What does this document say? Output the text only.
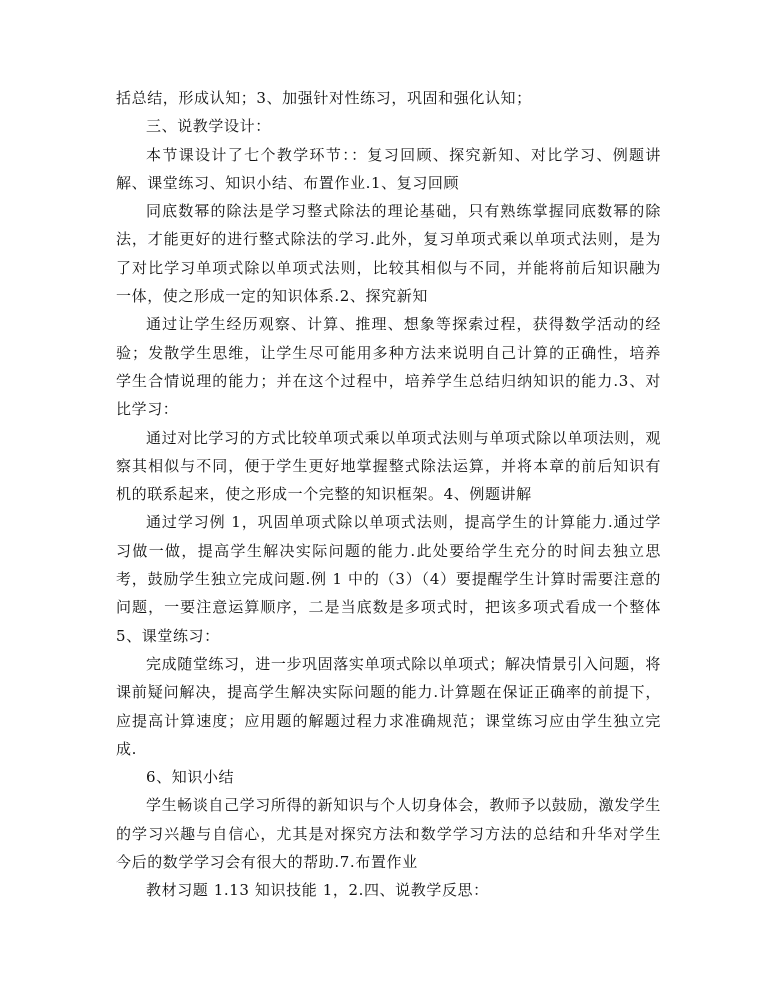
括总结，形成认知；3、加强针对性练习，巩固和强化认知；

三、说教学设计：

本节课设计了七个教学环节：：复习回顾、探究新知、对比学习、例题讲解、课堂练习、知识小结、布置作业.1、复习回顾

同底数幂的除法是学习整式除法的理论基础，只有熟练掌握同底数幂的除法，才能更好的进行整式除法的学习.此外，复习单项式乘以单项式法则，是为了对比学习单项式除以单项式法则，比较其相似与不同，并能将前后知识融为一体，使之形成一定的知识体系.2、探究新知

通过让学生经历观察、计算、推理、想象等探索过程，获得数学活动的经验；发散学生思维，让学生尽可能用多种方法来说明自己计算的正确性，培养学生合情说理的能力；并在这个过程中，培养学生总结归纳知识的能力.3、对比学习：

通过对比学习的方式比较单项式乘以单项式法则与单项式除以单项法则，观察其相似与不同，便于学生更好地掌握整式除法运算，并将本章的前后知识有机的联系起来，使之形成一个完整的知识框架。4、例题讲解

通过学习例 1，巩固单项式除以单项式法则，提高学生的计算能力.通过学习做一做，提高学生解决实际问题的能力.此处要给学生充分的时间去独立思考，鼓励学生独立完成问题.例 1 中的（3）（4）要提醒学生计算时需要注意的问题，一要注意运算顺序，二是当底数是多项式时，把该多项式看成一个整体 5、课堂练习：

完成随堂练习，进一步巩固落实单项式除以单项式；解决情景引入问题，将课前疑问解决，提高学生解决实际问题的能力.计算题在保证正确率的前提下，应提高计算速度；应用题的解题过程力求准确规范；课堂练习应由学生独立完成.

6、知识小结

学生畅谈自己学习所得的新知识与个人切身体会，教师予以鼓励，激发学生的学习兴趣与自信心，尤其是对探究方法和数学学习方法的总结和升华对学生今后的数学学习会有很大的帮助.7.布置作业

教材习题 1.13 知识技能 1，2.四、说教学反思：
